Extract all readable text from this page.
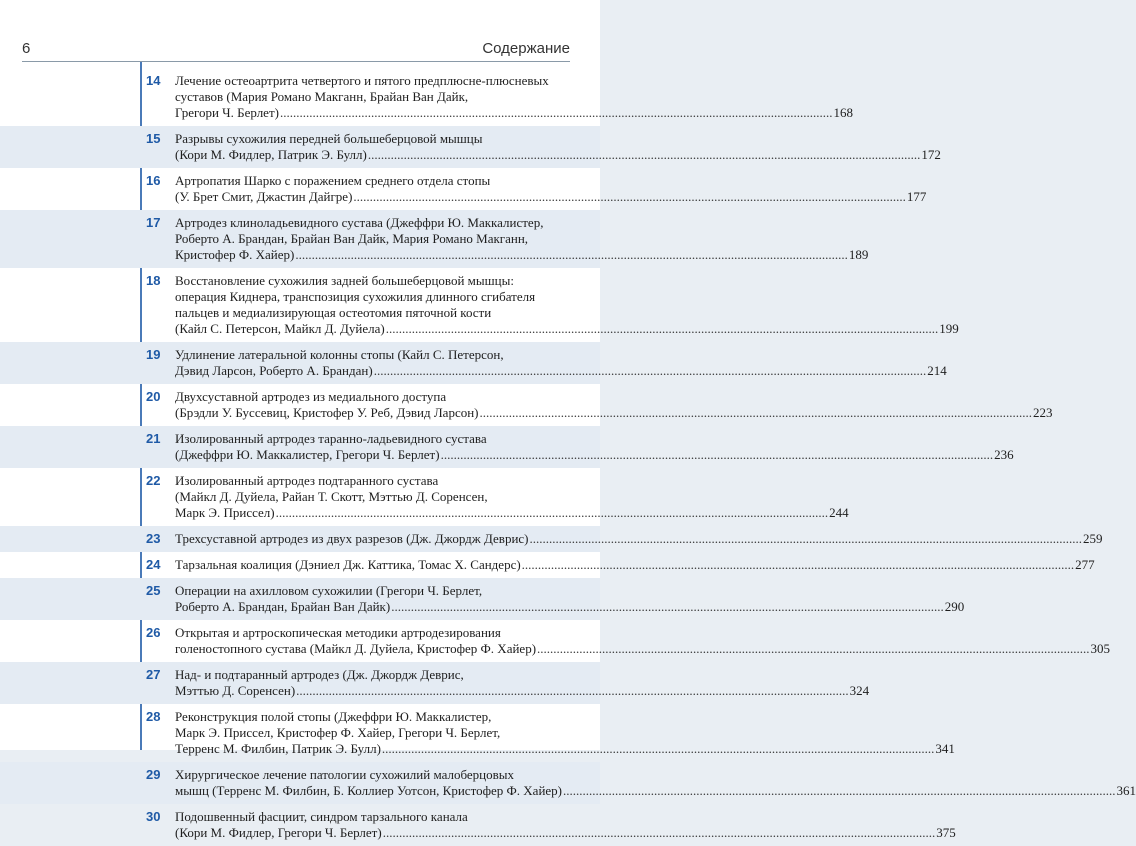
6	Содержание
14	Лечение остеоартрита четвертого и пятого предплюсне-плюсневых
суставов (Мария Романо Макганн, Брайан Ван Дайк,
Грегори Ч. Берлет) .....	168
15	Разрывы сухожилия передней большеберцовой мышцы
(Кори М. Фидлер, Патрик Э. Булл) .....	172
16	Артропатия Шарко с поражением среднего отдела стопы
(У. Брет Смит, Джастин Дайгре) .....	177
17	Артродез клиноладьевидного сустава (Джеффри Ю. Маккалистер,
Роберто А. Брандан, Брайан Ван Дайк, Мария Романо Макганн,
Кристофер Ф. Хайер) .....	189
18	Восстановление сухожилия задней большеберцовой мышцы:
операция Киднера, транспозиция сухожилия длинного сгибателя
пальцев и медиализирующая остеотомия пяточной кости
(Кайл С. Петерсон, Майкл Д. Дуйела) .....	199
19	Удлинение латеральной колонны стопы (Кайл С. Петерсон,
Дэвид Ларсон, Роберто А. Брандан) .....	214
20	Двухсуставной артродез из медиального доступа
(Брэдли У. Буссевиц, Кристофер У. Реб, Дэвид Ларсон) .....	223
21	Изолированный артродез таранно-ладьевидного сустава
(Джеффри Ю. Маккалистер, Грегори Ч. Берлет) .....	236
22	Изолированный артродез подтаранного сустава
(Майкл Д. Дуйела, Райан Т. Скотт, Мэттью Д. Соренсен,
Марк Э. Приссел) .....	244
23	Трехсуставной артродез из двух разрезов (Дж. Джордж Деврис) .....	259
24	Тарзальная коалиция (Дэниел Дж. Каттика, Томас Х. Сандерс) .....	277
25	Операции на ахилловом сухожилии (Грегори Ч. Берлет,
Роберто А. Брандан, Брайан Ван Дайк) .....	290
26	Открытая и артроскопическая методики артродезирования
голеностопного сустава (Майкл Д. Дуйела, Кристофер Ф. Хайер) .....	305
27	Над- и подтаранный артродез (Дж. Джордж Деврис,
Мэттью Д. Соренсен) .....	324
28	Реконструкция полой стопы (Джеффри Ю. Маккалистер,
Марк Э. Приссел, Кристофер Ф. Хайер, Грегори Ч. Берлет,
Терренс М. Филбин, Патрик Э. Булл) .....	341
29	Хирургическое лечение патологии сухожилий малоберцовых
мышц (Терренс М. Филбин, Б. Коллиер Уотсон, Кристофер Ф. Хайер) .....	361
30	Подошвенный фасциит, синдром тарзального канала
(Кори М. Фидлер, Грегори Ч. Берлет) .....	375
